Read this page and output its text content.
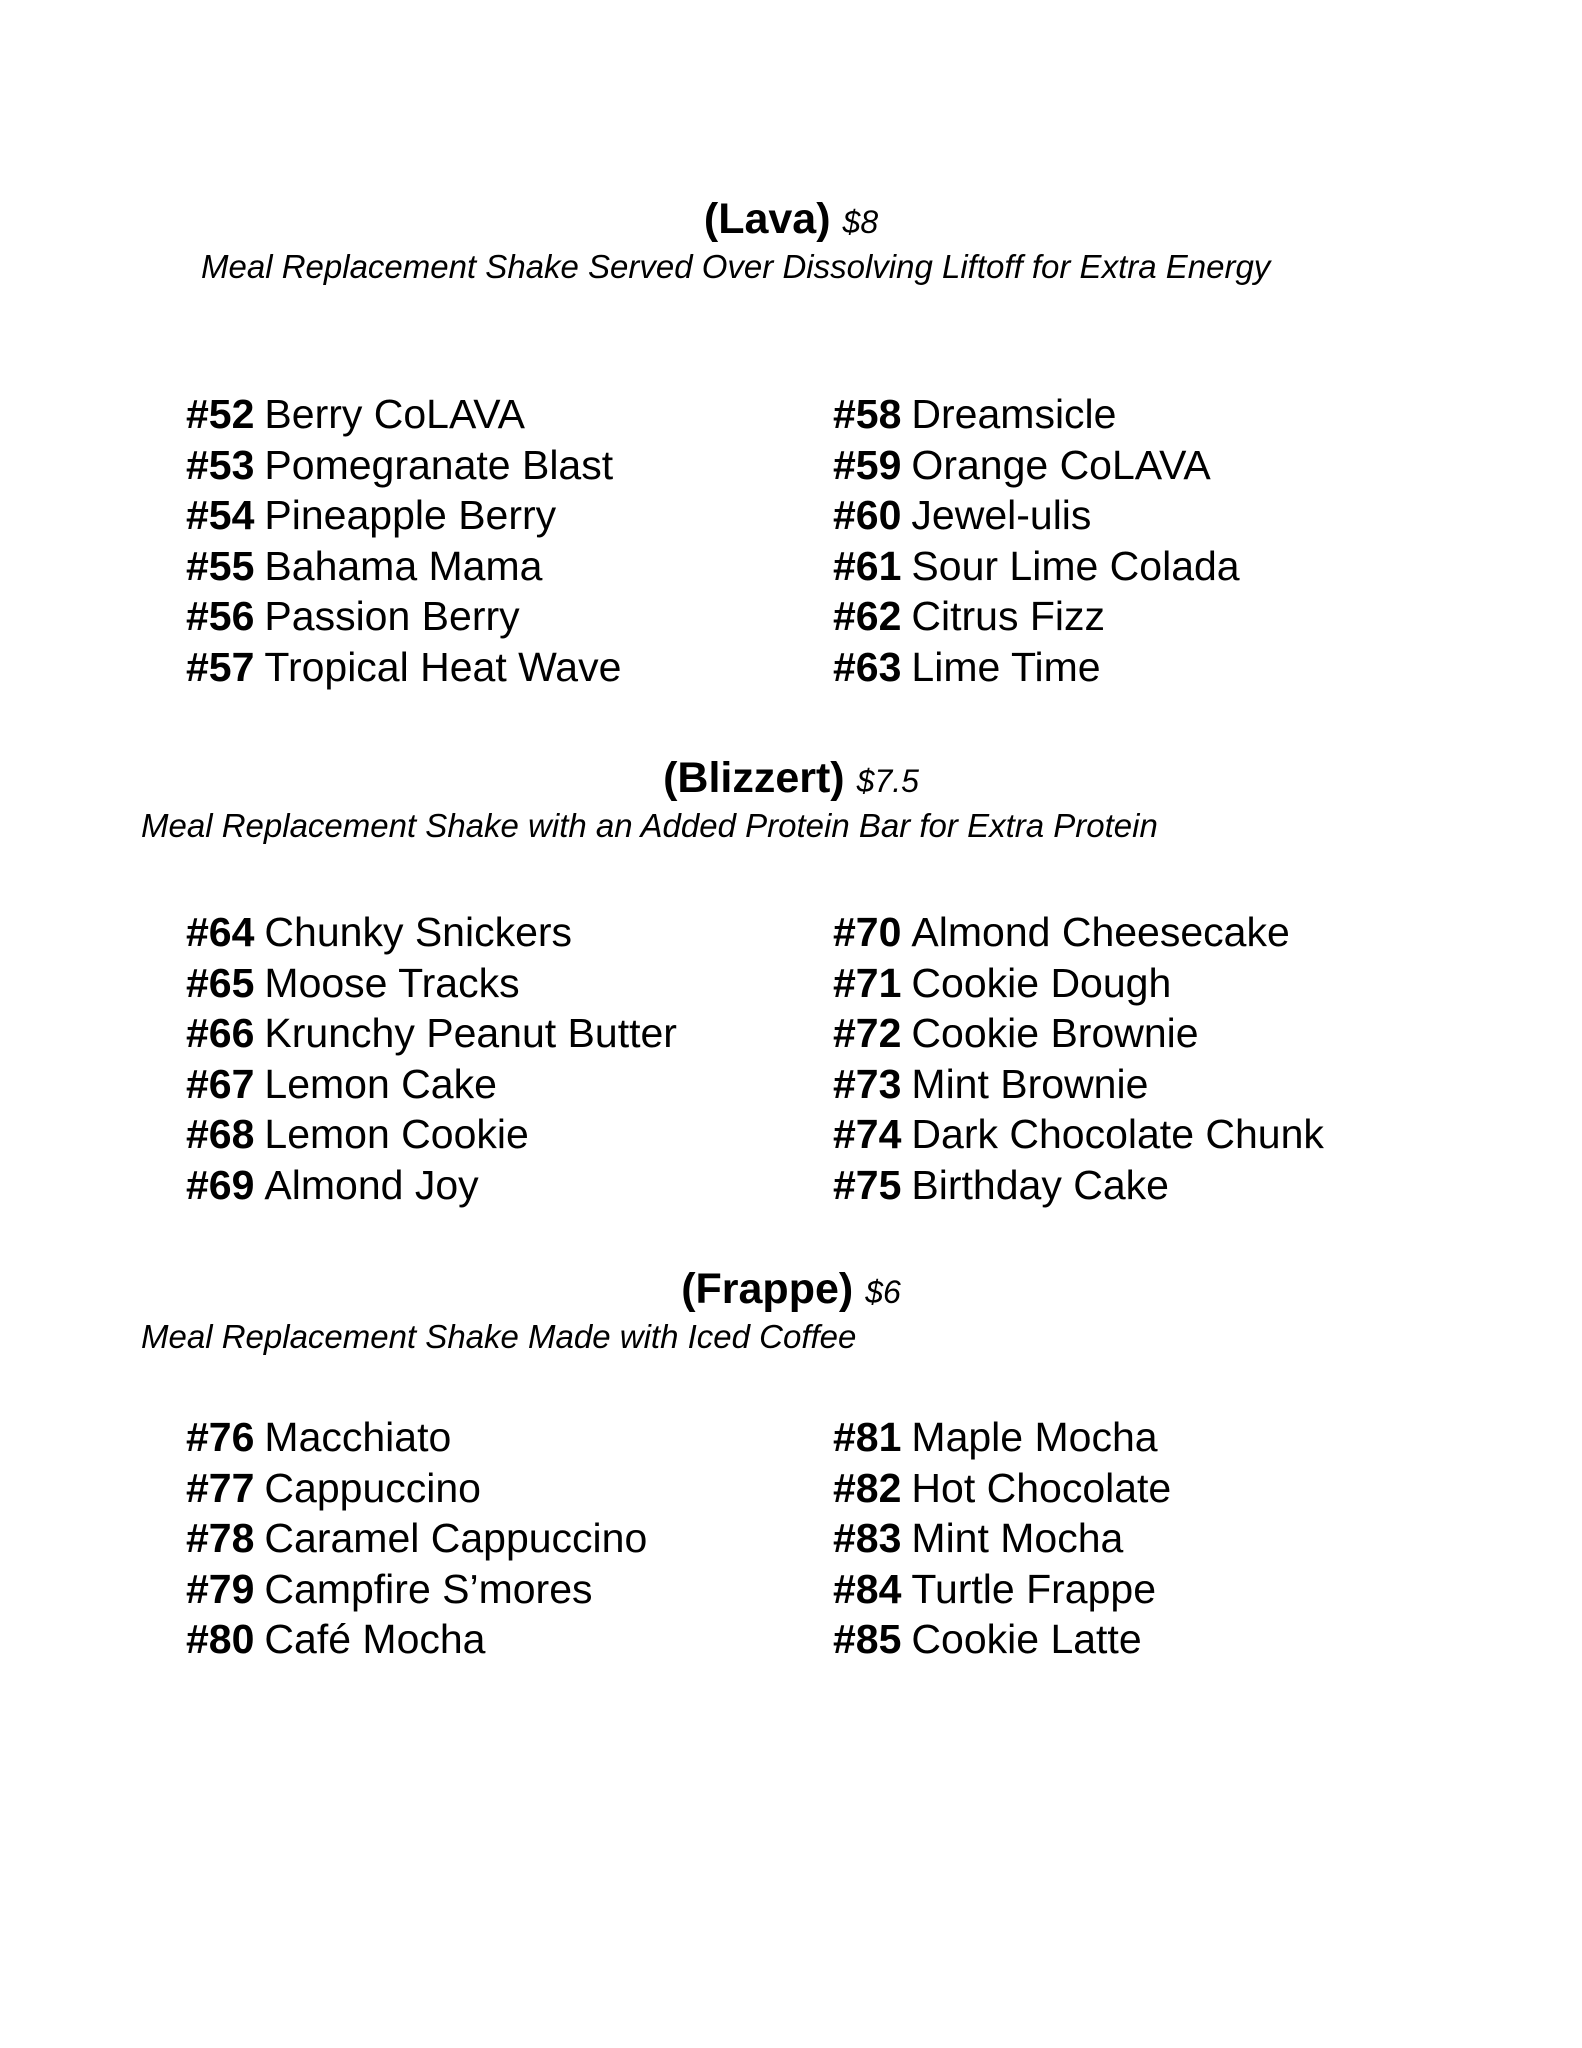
(Lava) $8
Meal Replacement Shake Served Over Dissolving Liftoff for Extra Energy
#52 Berry CoLAVA
#53 Pomegranate Blast
#54 Pineapple Berry
#55 Bahama Mama
#56 Passion Berry
#57 Tropical Heat Wave
#58 Dreamsicle
#59 Orange CoLAVA
#60 Jewel-ulis
#61 Sour Lime Colada
#62 Citrus Fizz
#63 Lime Time
(Blizzert) $7.5
Meal Replacement Shake with an Added Protein Bar for Extra Protein
#64 Chunky Snickers
#65 Moose Tracks
#66 Krunchy Peanut Butter
#67 Lemon Cake
#68 Lemon Cookie
#69 Almond Joy
#70 Almond Cheesecake
#71 Cookie Dough
#72 Cookie Brownie
#73 Mint Brownie
#74 Dark Chocolate Chunk
#75 Birthday Cake
(Frappe) $6
Meal Replacement Shake Made with Iced Coffee
#76 Macchiato
#77 Cappuccino
#78 Caramel Cappuccino
#79 Campfire S’mores
#80 Café Mocha
#81 Maple Mocha
#82 Hot Chocolate
#83 Mint Mocha
#84 Turtle Frappe
#85 Cookie Latte
